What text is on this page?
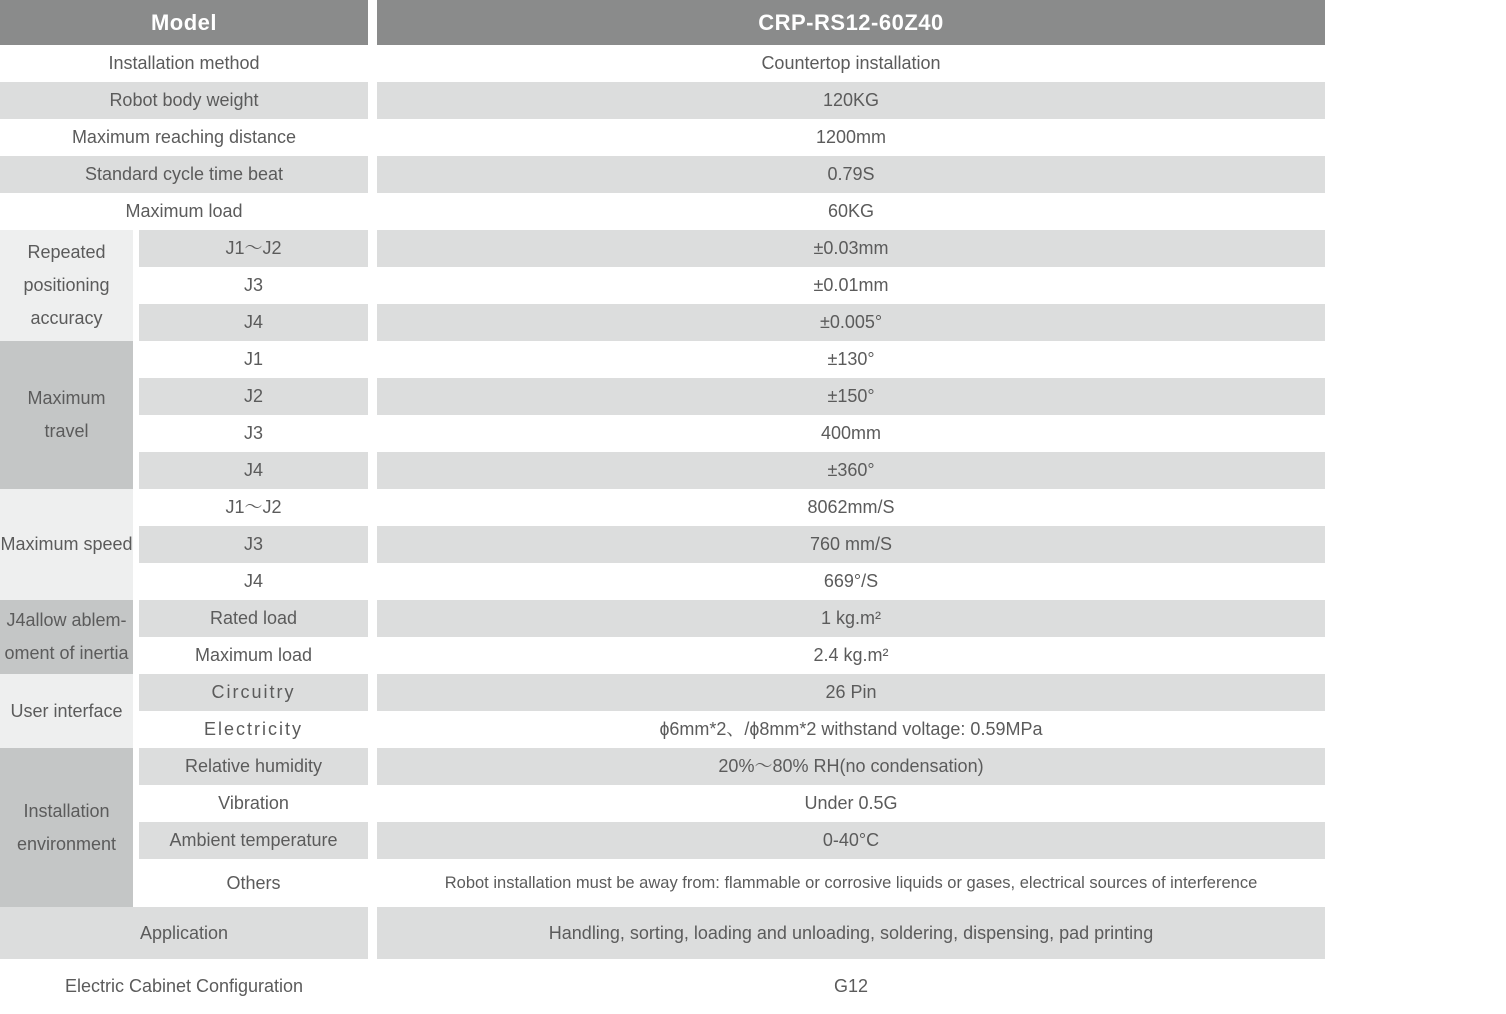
Model	CRP-RS12-60Z40
Installation method	Countertop installation
Robot body weight	120KG
Maximum reaching distance	1200mm
Standard cycle time beat	0.79S
Maximum load	60KG
Repeated
positioning
accuracy
J1～J2	±0.03mm
J3	±0.01mm
J4	±0.005°
Maximum
travel
J1	±130°
J2	±150°
J3	400mm
J4	±360°
Maximum speed
J1～J2	8062mm/S
J3	760 mm/S
J4	669°/S
J4allow ablem-
oment of inertia
Rated load	1 kg.m²
Maximum load	2.4 kg.m²
User interface
Circuitry	26 Pin
Electricity	ɸ6mm*2、/ɸ8mm*2 withstand voltage: 0.59MPa
Installation
environment
Relative humidity	20%～80% RH(no condensation)
Vibration	Under 0.5G
Ambient temperature	0-40°C
Others	Robot installation must be away from: flammable or corrosive liquids or gases, electrical sources of interference
Application	Handling, sorting, loading and unloading, soldering, dispensing, pad printing
Electric Cabinet Configuration	G12
